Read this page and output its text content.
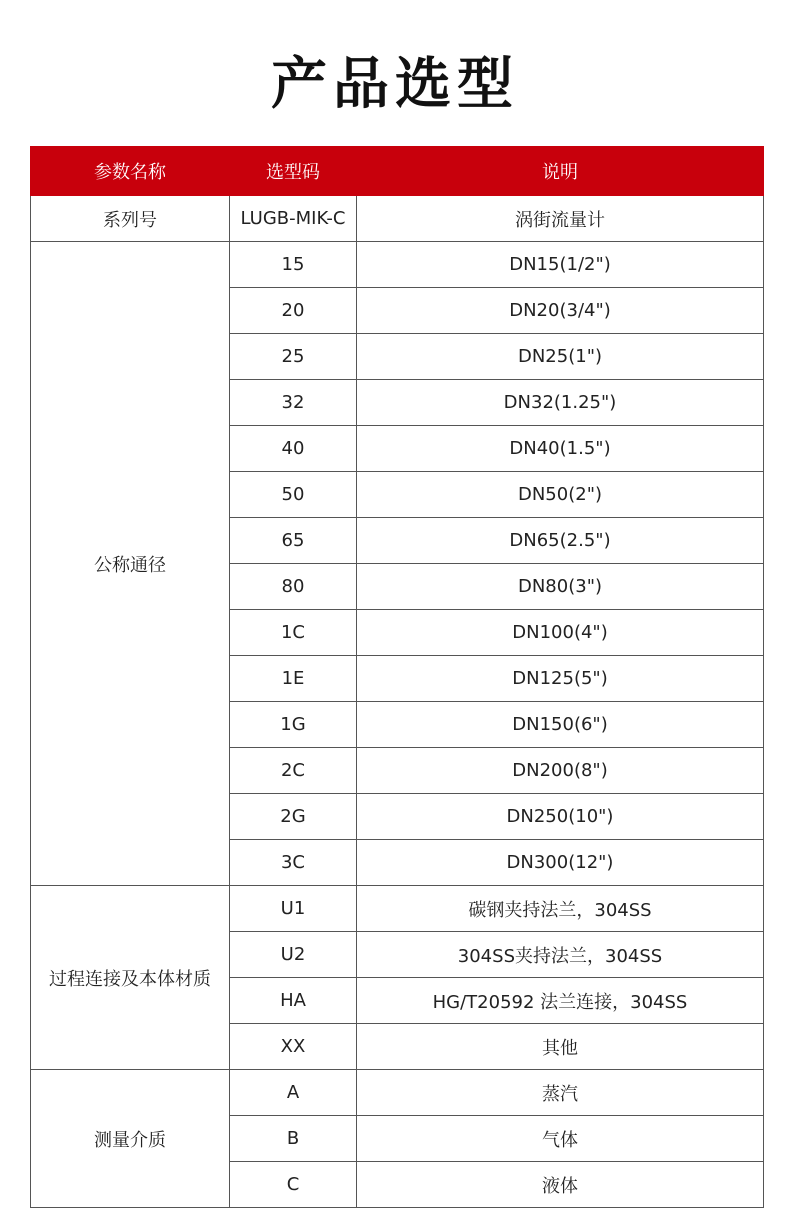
产品选型
参数名称	选型码	说明
系列号	LUGB-MIK-C	涡街流量计
公称通径	15	DN15(1/2")
	20	DN20(3/4")
	25	DN25(1")
	32	DN32(1.25")
	40	DN40(1.5")
	50	DN50(2")
	65	DN65(2.5")
	80	DN80(3")
	1C	DN100(4")
	1E	DN125(5")
	1G	DN150(6")
	2C	DN200(8")
	2G	DN250(10")
	3C	DN300(12")
过程连接及本体材质	U1	碳钢夹持法兰，304SS
	U2	304SS夹持法兰，304SS
	HA	HG/T20592 法兰连接，304SS
	XX	其他
测量介质	A	蒸汽
	B	气体
	C	液体
